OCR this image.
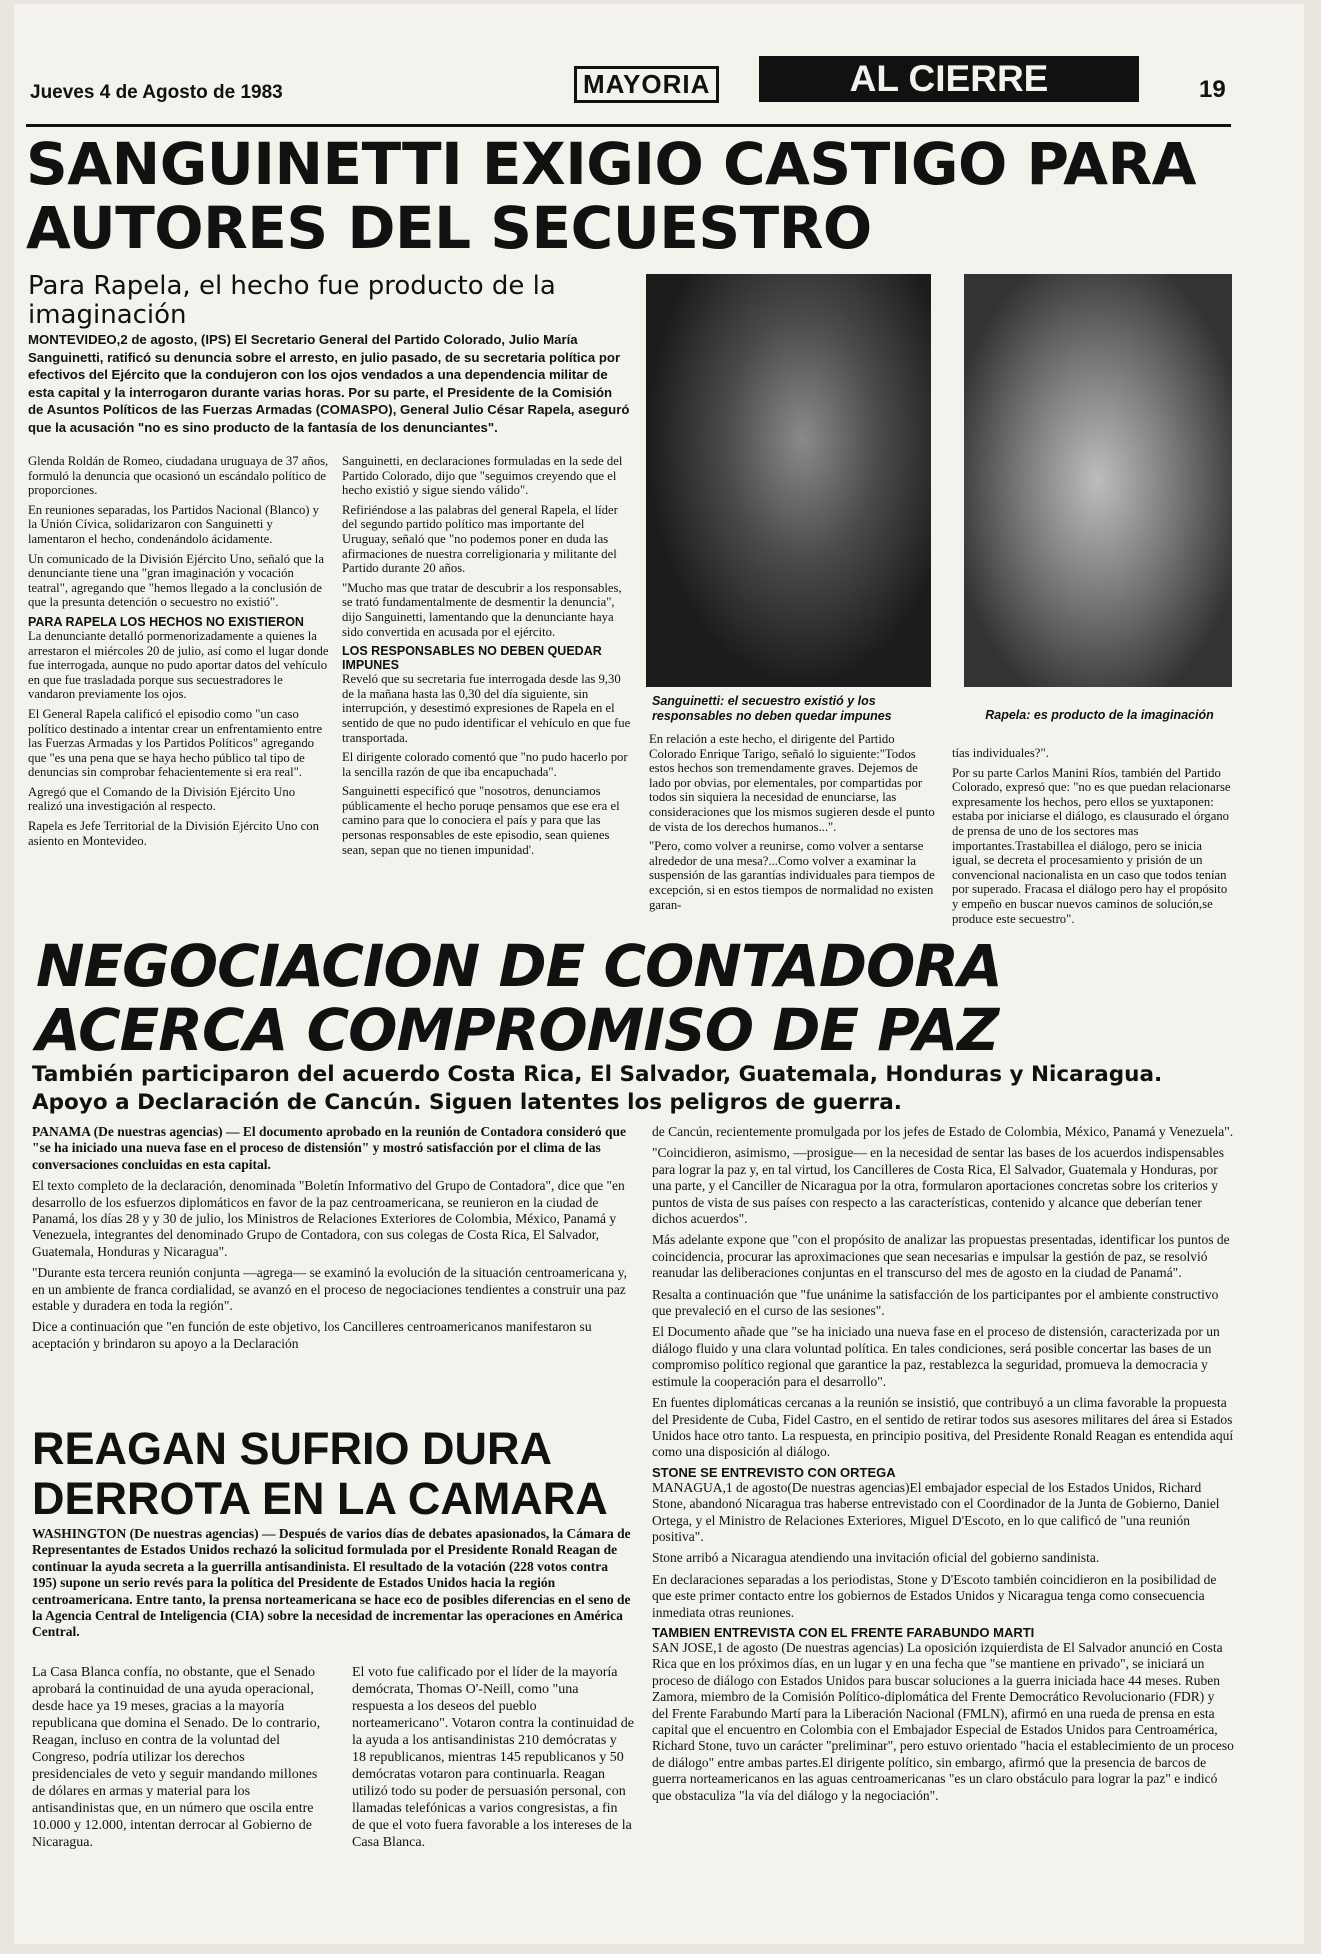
Jueves 4 de Agosto de 1983	MAYORIA	AL CIERRE	19
SANGUINETTI EXIGIO CASTIGO PARA AUTORES DEL SECUESTRO
Para Rapela, el hecho fue producto de la imaginación
MONTEVIDEO,2 de agosto, (IPS) El Secretario General del Partido Colorado, Julio María Sanguinetti, ratificó su denuncia sobre el arresto, en julio pasado, de su secretaria política por efectivos del Ejército que la condujeron con los ojos vendados a una dependencia militar de esta capital y la interrogaron durante varias horas. Por su parte, el Presidente de la Comisión de Asuntos Políticos de las Fuerzas Armadas (COMASPO), General Julio César Rapela, aseguró que la acusación "no es sino producto de la fantasía de los denunciantes".

Glenda Roldán de Romeo, ciudadana uruguaya de 37 años, formuló la denuncia que ocasionó un escándalo político de proporciones.

En reuniones separadas, los Partidos Nacional (Blanco) y la Unión Cívica, solidarizaron con Sanguinetti y lamentaron el hecho, condenándolo ácidamente.

Un comunicado de la División Ejército Uno, señaló que la denunciante tiene una "gran imaginación y vocación teatral", agregando que "hemos llegado a la conclusión de que la presunta detención o secuestro no existió".

PARA RAPELA LOS HECHOS NO EXISTIERON

La denunciante detalló pormenorizadamente a quienes la arrestaron el miércoles 20 de julio, así como el lugar donde fue interrogada, aunque no pudo aportar datos del vehículo en que fue trasladada porque sus secuestradores le vandaron previamente los ojos.

El General Rapela calificó el episodio como "un caso político destinado a intentar crear un enfrentamiento entre las Fuerzas Armadas y los Partidos Políticos" agregando que "es una pena que se haya hecho público tal tipo de denuncias sin comprobar fehacientemente si era real".

Agregó que el Comando de la División Ejército Uno realizó una investigación al respecto.

Rapela es Jefe Territorial de la División Ejército Uno con asiento en Montevideo.

Sanguinetti, en declaraciones formuladas en la sede del Partido Colorado, dijo que "seguimos creyendo que el hecho existió y sigue siendo válido".

Refiriéndose a las palabras del general Rapela, el líder del segundo partido político mas importante del Uruguay, señaló que "no podemos poner en duda las afirmaciones de nuestra correligionaria y militante del Partido durante 20 años.

"Mucho mas que tratar de descubrir a los responsables, se trató fundamentalmente de desmentir la denuncia", dijo Sanguinetti, lamentando que la denunciante haya sido convertida en acusada por el ejército.

LOS RESPONSABLES NO DEBEN QUEDAR IMPUNES

Reveló que su secretaria fue interrogada desde las 9,30 de la mañana hasta las 0,30 del día siguiente, sin interrupción, y desestimó expresiones de Rapela en el sentido de que no pudo identificar el vehículo en que fue transportada.

El dirigente colorado comentó que "no pudo hacerlo por la sencilla razón de que iba encapuchada".

Sanguinetti especificó que "nosotros, denunciamos públicamente el hecho poruqe pensamos que ese era el camino para que lo conociera el país y para que las personas responsables de este episodio, sean quienes sean, sepan que no tienen impunidad'.

Sanguinetti: el secuestro existió y los responsables no deben quedar impunes	Rapela: es producto de la imaginación

En relación a este hecho, el dirigente del Partido Colorado Enrique Tarigo, señaló lo siguiente:"Todos estos hechos son tremendamente graves. Dejemos de lado por obvias, por elementales, por compartidas por todos sin siquiera la necesidad de enunciarse, las consideraciones que los mismos sugieren desde el punto de vista de los derechos humanos...".

"Pero, como volver a reunirse, como volver a sentarse alrededor de una mesa?...Como volver a examinar la suspensión de las garantías individuales para tiempos de excepción, si en estos tiempos de normalidad no existen garan-

tías individuales?".

Por su parte Carlos Manini Ríos, también del Partido Colorado, expresó que: "no es que puedan relacionarse expresamente los hechos, pero ellos se yuxtaponen: estaba por iniciarse el diálogo, es clausurado el órgano de prensa de uno de los sectores mas importantes.Trastabillea el diálogo, pero se inicia igual, se decreta el procesamiento y prisión de un convencional nacionalista en un caso que todos tenían por superado. Fracasa el diálogo pero hay el propósito y empeño en buscar nuevos caminos de solución,se produce este secuestro".

NEGOCIACION DE CONTADORA ACERCA COMPROMISO DE PAZ
También participaron del acuerdo Costa Rica, El Salvador, Guatemala, Honduras y Nicaragua. Apoyo a Declaración de Cancún. Siguen latentes los peligros de guerra.

PANAMA (De nuestras agencias) — El documento aprobado en la reunión de Contadora consideró que "se ha iniciado una nueva fase en el proceso de distensión" y mostró satisfacción por el clima de las conversaciones concluidas en esta capital.

El texto completo de la declaración, denominada "Boletín Informativo del Grupo de Contadora", dice que "en desarrollo de los esfuerzos diplomáticos en favor de la paz centroamericana, se reunieron en la ciudad de Panamá, los días 28 y y 30 de julio, los Ministros de Relaciones Exteriores de Colombia, México, Panamá y Venezuela, integrantes del denominado Grupo de Contadora, con sus colegas de Costa Rica, El Salvador, Guatemala, Honduras y Nicaragua".

"Durante esta tercera reunión conjunta —agrega— se examinó la evolución de la situación centroamericana y, en un ambiente de franca cordialidad, se avanzó en el proceso de negociaciones tendientes a construir una paz estable y duradera en toda la región".

Dice a continuación que "en función de este objetivo, los Cancilleres centroamericanos manifestaron su aceptación y brindaron su apoyo a la Declaración

de Cancún, recientemente promulgada por los jefes de Estado de Colombia, México, Panamá y Venezuela".

"Coincidieron, asimismo, —prosigue— en la necesidad de sentar las bases de los acuerdos indispensables para lograr la paz y, en tal virtud, los Cancilleres de Costa Rica, El Salvador, Guatemala y Honduras, por una parte, y el Canciller de Nicaragua por la otra, formularon aportaciones concretas sobre los criterios y puntos de vista de sus países con respecto a las características, contenido y alcance que deberían tener dichos acuerdos".

Más adelante expone que "con el propósito de analizar las propuestas presentadas, identificar los puntos de coincidencia, procurar las aproximaciones que sean necesarias e impulsar la gestión de paz, se resolvió reanudar las deliberaciones conjuntas en el transcurso del mes de agosto en la ciudad de Panamá".

Resalta a continuación que "fue unánime la satisfacción de los participantes por el ambiente constructivo que prevaleció en el curso de las sesiones".

El Documento añade que "se ha iniciado una nueva fase en el proceso de distensión, caracterizada por un diálogo fluido y una clara voluntad política. En tales condiciones, será posible concertar las bases de un compromiso político regional que garantice la paz, restablezca la seguridad, promueva la democracia y estimule la cooperación para el desarrollo".

En fuentes diplomáticas cercanas a la reunión se insistió, que contribuyó a un clima favorable la propuesta del Presidente de Cuba, Fidel Castro, en el sentido de retirar todos sus asesores militares del área si Estados Unidos hace otro tanto. La respuesta, en principio positiva, del Presidente Ronald Reagan es entendida aquí como una disposición al diálogo.

STONE SE ENTREVISTO CON ORTEGA

MANAGUA,1 de agosto(De nuestras agencias)El embajador especial de los Estados Unidos, Richard Stone, abandonó Nicaragua tras haberse entrevistado con el Coordinador de la Junta de Gobierno, Daniel Ortega, y el Ministro de Relaciones Exteriores, Miguel D'Escoto, en lo que calificó de "una reunión positiva".

Stone arribó a Nicaragua atendiendo una invitación oficial del gobierno sandinista.

En declaraciones separadas a los periodistas, Stone y D'Escoto también coincidieron en la posibilidad de que este primer contacto entre los gobiernos de Estados Unidos y Nicaragua tenga como consecuencia inmediata otras reuniones.

TAMBIEN ENTREVISTA CON EL FRENTE FARABUNDO MARTI

SAN JOSE,1 de agosto (De nuestras agencias) La oposición izquierdista de El Salvador anunció en Costa Rica que en los próximos días, en un lugar y en una fecha que "se mantiene en privado", se iniciará un proceso de diálogo con Estados Unidos para buscar soluciones a la guerra iniciada hace 44 meses. Ruben Zamora, miembro de la Comisión Político-diplomática del Frente Democrático Revolucionario (FDR) y del Frente Farabundo Martí para la Liberación Nacional (FMLN), afirmó en una rueda de prensa en esta capital que el encuentro en Colombia con el Embajador Especial de Estados Unidos para Centroamérica, Richard Stone, tuvo un carácter "preliminar", pero estuvo orientado "hacia el establecimiento de un proceso de diálogo" entre ambas partes.El dirigente político, sin embargo, afirmó que la presencia de barcos de guerra norteamericanos en las aguas centroamericanas "es un claro obstáculo para lograr la paz" e indicó que obstaculiza "la vía del diálogo y la negociación".

REAGAN SUFRIO DURA DERROTA EN LA CAMARA
WASHINGTON (De nuestras agencias) — Después de varios días de debates apasionados, la Cámara de Representantes de Estados Unidos rechazó la solicitud formulada por el Presidente Ronald Reagan de continuar la ayuda secreta a la guerrilla antisandinista. El resultado de la votación (228 votos contra 195) supone un serio revés para la política del Presidente de Estados Unidos hacia la región centroamericana. Entre tanto, la prensa norteamericana se hace eco de posibles diferencias en el seno de la Agencia Central de Inteligencia (CIA) sobre la necesidad de incrementar las operaciones en América Central.

La Casa Blanca confía, no obstante, que el Senado aprobará la continuidad de una ayuda operacional, desde hace ya 19 meses, gracias a la mayoría republicana que domina el Senado. De lo contrario, Reagan, incluso en contra de la voluntad del Congreso, podría utilizar los derechos presidenciales de veto y seguir mandando millones de dólares en armas y material para los antisandinistas que, en un número que oscila entre 10.000 y 12.000, intentan derrocar al Gobierno de Nicaragua.

El voto fue calificado por el líder de la mayoría demócrata, Thomas O'-Neill, como "una respuesta a los deseos del pueblo norteamericano". Votaron contra la continuidad de la ayuda a los antisandinistas 210 demócratas y 18 republicanos, mientras 145 republicanos y 50 demócratas votaron para continuarla. Reagan utilizó todo su poder de persuasión personal, con llamadas telefónicas a varios congresistas, a fin de que el voto fuera favorable a los intereses de la Casa Blanca.
